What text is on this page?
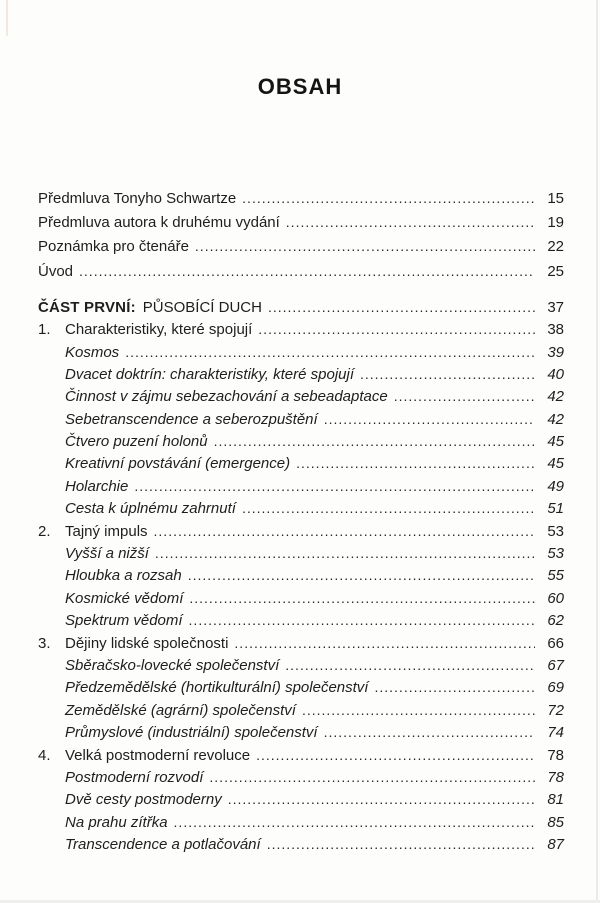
OBSAH
Předmluva Tonyho Schwartze .....	15
Předmluva autora k druhému vydání .....	19
Poznámka pro čtenáře .....	22
Úvod .....	25
ČÁST PRVNÍ: PŮSOBÍCÍ DUCH .....	37
1. Charakteristiky, které spojují .....	38
Kosmos .....	39
Dvacet doktrín: charakteristiky, které spojují .....	40
Činnost v zájmu sebezachování a sebeadaptace .....	42
Sebetranscendence a seberozpuštění .....	42
Čtvero puzení holonů .....	45
Kreativní povstávání (emergence) .....	45
Holarchie .....	49
Cesta k úplnému zahrnutí .....	51
2. Tajný impuls .....	53
Vyšší a nižší .....	53
Hloubka a rozsah .....	55
Kosmické vědomí .....	60
Spektrum vědomí .....	62
3. Dějiny lidské společnosti .....	66
Sběračsko-lovecké společenství .....	67
Předzemědělské (hortikulturální) společenství .....	69
Zemědělské (agrární) společenství .....	72
Průmyslové (industriální) společenství .....	74
4. Velká postmoderní revoluce .....	78
Postmoderní rozvodí .....	78
Dvě cesty postmoderny .....	81
Na prahu zítřka .....	85
Transcendence a potlačování .....	87
